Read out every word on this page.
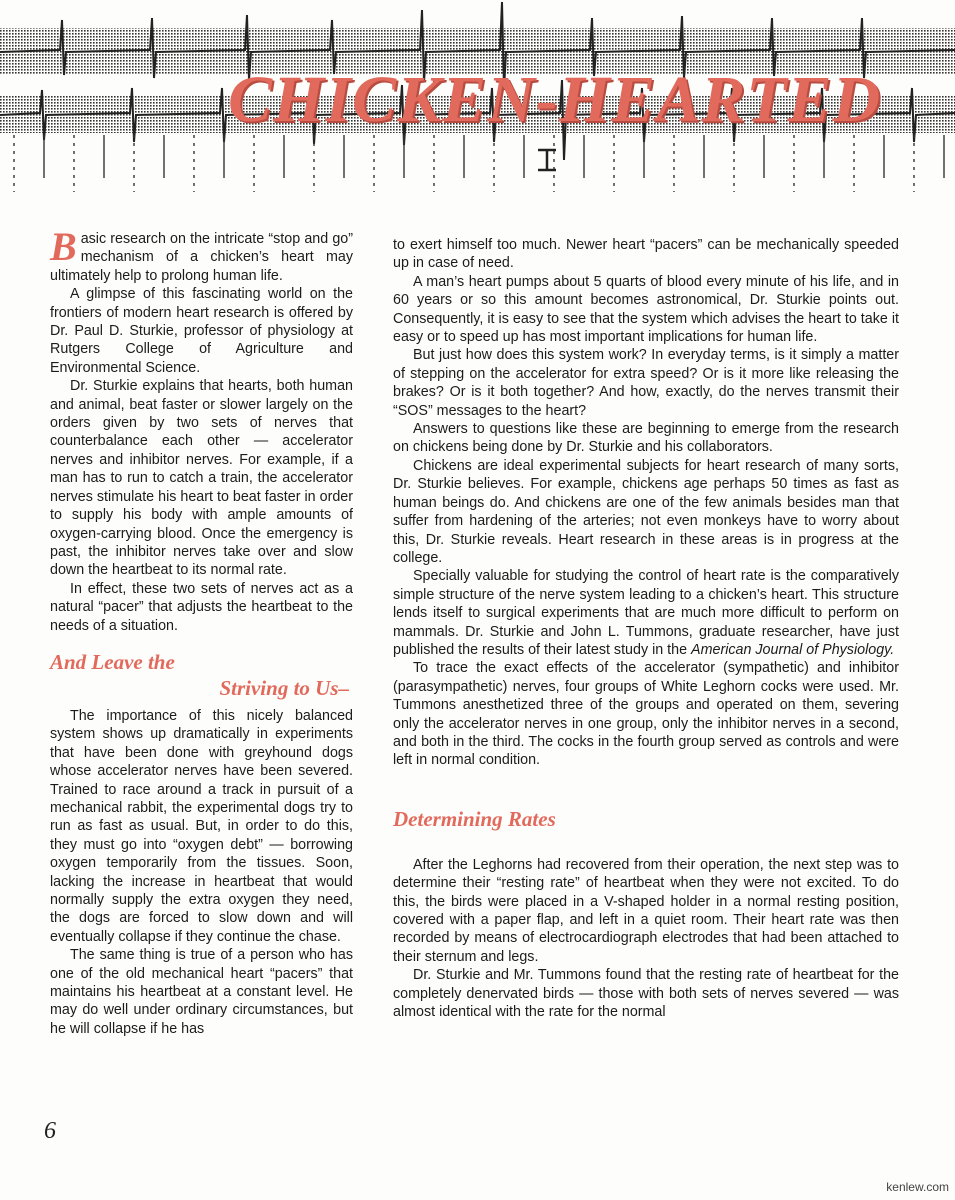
CHICKEN-HEARTED

Basic research on the intricate “stop and go” mechanism of a chicken’s heart may ultimately help to prolong human life.

A glimpse of this fascinating world on the frontiers of modern heart research is offered by Dr. Paul D. Sturkie, professor of physiology at Rutgers College of Agriculture and Environmental Science.

Dr. Sturkie explains that hearts, both human and animal, beat faster or slower largely on the orders given by two sets of nerves that counterbalance each other — accelerator nerves and inhibitor nerves. For example, if a man has to run to catch a train, the accelerator nerves stimulate his heart to beat faster in order to supply his body with ample amounts of oxygen-carrying blood. Once the emergency is past, the inhibitor nerves take over and slow down the heartbeat to its normal rate.

In effect, these two sets of nerves act as a natural “pacer” that adjusts the heartbeat to the needs of a situation.

And Leave the
Striving to Us–

The importance of this nicely balanced system shows up dramatically in experiments that have been done with greyhound dogs whose accelerator nerves have been severed. Trained to race around a track in pursuit of a mechanical rabbit, the experimental dogs try to run as fast as usual. But, in order to do this, they must go into “oxygen debt” — borrowing oxygen temporarily from the tissues. Soon, lacking the increase in heartbeat that would normally supply the extra oxygen they need, the dogs are forced to slow down and will eventually collapse if they continue the chase.

The same thing is true of a person who has one of the old mechanical heart “pacers” that maintains his heartbeat at a constant level. He may do well under ordinary circumstances, but he will collapse if he has

to exert himself too much. Newer heart “pacers” can be mechanically speeded up in case of need.

A man’s heart pumps about 5 quarts of blood every minute of his life, and in 60 years or so this amount becomes astronomical, Dr. Sturkie points out. Consequently, it is easy to see that the system which advises the heart to take it easy or to speed up has most important implications for human life.

But just how does this system work? In everyday terms, is it simply a matter of stepping on the accelerator for extra speed? Or is it more like releasing the brakes? Or is it both together? And how, exactly, do the nerves transmit their “SOS” messages to the heart?

Answers to questions like these are beginning to emerge from the research on chickens being done by Dr. Sturkie and his collaborators.

Chickens are ideal experimental subjects for heart research of many sorts, Dr. Sturkie believes. For example, chickens age perhaps 50 times as fast as human beings do. And chickens are one of the few animals besides man that suffer from hardening of the arteries; not even monkeys have to worry about this, Dr. Sturkie reveals. Heart research in these areas is in progress at the college.

Specially valuable for studying the control of heart rate is the comparatively simple structure of the nerve system leading to a chicken’s heart. This structure lends itself to surgical experiments that are much more difficult to perform on mammals. Dr. Sturkie and John L. Tummons, graduate researcher, have just published the results of their latest study in the American Journal of Physiology.

To trace the exact effects of the accelerator (sympathetic) and inhibitor (parasympathetic) nerves, four groups of White Leghorn cocks were used. Mr. Tummons anesthetized three of the groups and operated on them, severing only the accelerator nerves in one group, only the inhibitor nerves in a second, and both in the third. The cocks in the fourth group served as controls and were left in normal condition.

Determining Rates

After the Leghorns had recovered from their operation, the next step was to determine their “resting rate” of heartbeat when they were not excited. To do this, the birds were placed in a V-shaped holder in a normal resting position, covered with a paper flap, and left in a quiet room. Their heart rate was then recorded by means of electrocardiograph electrodes that had been attached to their sternum and legs.

Dr. Sturkie and Mr. Tummons found that the resting rate of heartbeat for the completely denervated birds — those with both sets of nerves severed — was almost identical with the rate for the normal

6
kenlew.com
